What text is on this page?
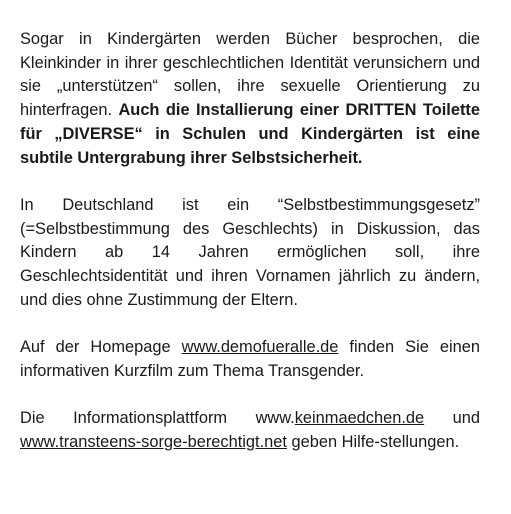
Sogar in Kindergärten werden Bücher besprochen, die Kleinkinder in ihrer geschlechtlichen Identität verunsichern und sie „unterstützen“ sollen, ihre sexuelle Orientierung zu hinterfragen. Auch die Installierung einer DRITTEN Toilette für „DIVERSE“ in Schulen und Kindergärten ist eine subtile Untergrabung ihrer Selbstsicherheit.

In Deutschland ist ein “Selbstbestimmungsgesetz” (=Selbstbestimmung des Geschlechts) in Diskussion, das Kindern ab 14 Jahren ermöglichen soll, ihre Geschlechtsidentität und ihren Vornamen jährlich zu ändern, und dies ohne Zustimmung der Eltern.

Auf der Homepage www.demofueralle.de finden Sie einen informativen Kurzfilm zum Thema Transgender.

Die Informationsplattform www.keinmaedchen.de und www.transteens-sorge-berechtigt.net geben Hilfe-stellungen.
